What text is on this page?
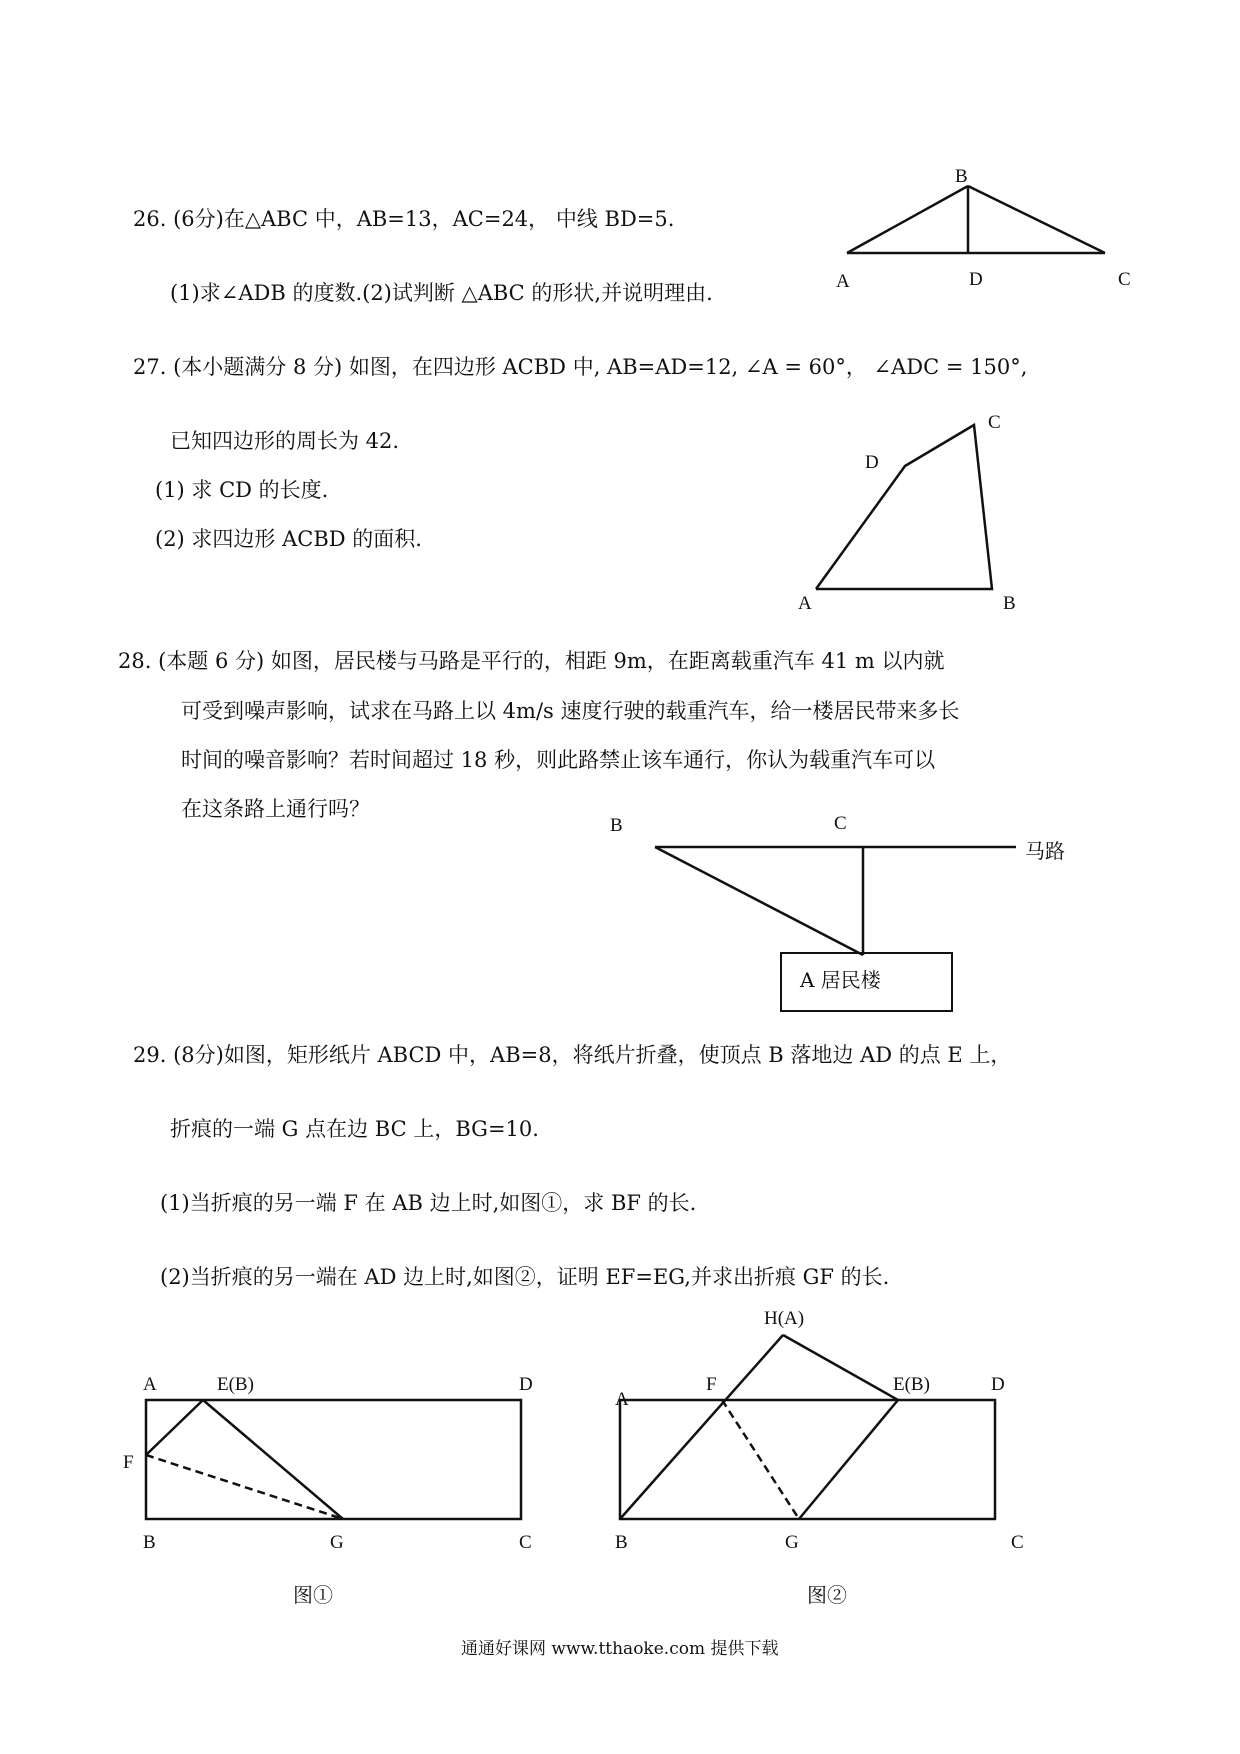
26. (6分)在△ABC 中，AB=13，AC=24， 中线 BD=5.
(1)求∠ADB 的度数.(2)试判断 △ABC 的形状,并说明理由.
B
A	D	C
27. (本小题满分 8 分) 如图，在四边形 ACBD 中, AB=AD=12, ∠A = 60°， ∠ADC = 150°,
已知四边形的周长为 42.
(1) 求 CD 的长度.
(2) 求四边形 ACBD 的面积.
C
D
A	B
28. (本题 6 分) 如图，居民楼与马路是平行的，相距 9m，在距离载重汽车 41 m 以内就
可受到噪声影响，试求在马路上以 4m/s 速度行驶的载重汽车，给一楼居民带来多长
时间的噪音影响？若时间超过 18 秒，则此路禁止该车通行，你认为载重汽车可以
在这条路上通行吗？
B	C
马路
A 居民楼
29. (8分)如图，矩形纸片 ABCD 中，AB=8，将纸片折叠，使顶点 B 落地边 AD 的点 E 上，
折痕的一端 G 点在边 BC 上，BG=10.
(1)当折痕的另一端 F 在 AB 边上时,如图①，求 BF 的长.
(2)当折痕的另一端在 AD 边上时,如图②，证明 EF=EG,并求出折痕 GF 的长.
A	E(B)	D
F
B	G	C
图①
H(A)
A
F	E(B)	D
B	G	C
图②
通通好课网 www.tthaoke.com 提供下载
